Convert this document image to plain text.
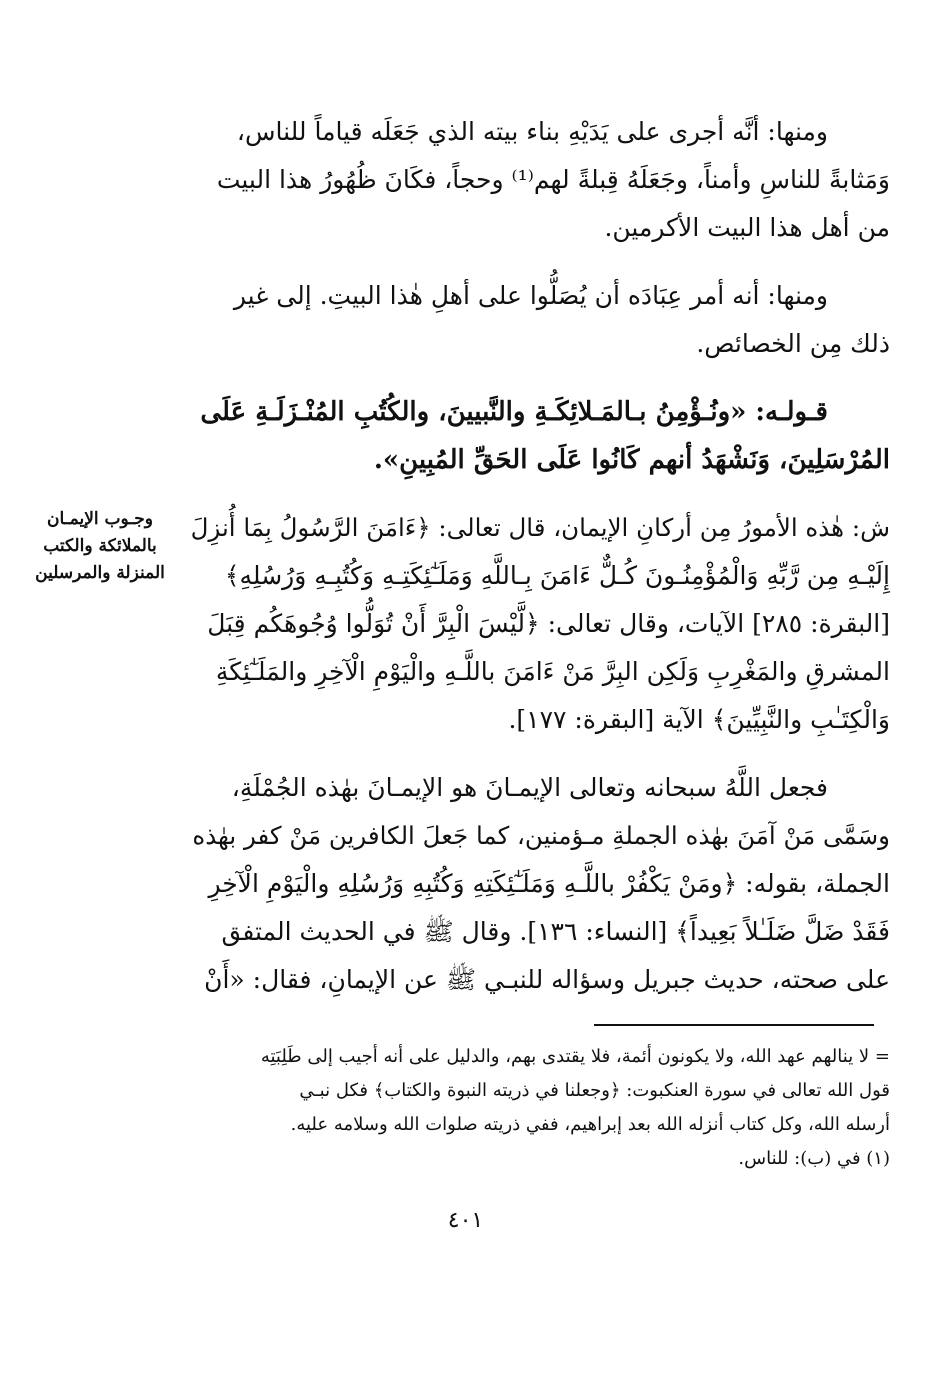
ومنها: أنَّه أجرى على يَدَيْهِ بناء بيته الذي جَعَلَه قياماً للناس،
وَمَثابةً للناسِ وأمناً، وجَعَلَهُ قِبلةً لهم⁽¹⁾ وحجاً، فكَانَ ظُهُورُ هذا البيت
من أهل هذا البيت الأكرمين.

ومنها: أنه أمر عِبَادَه أن يُصَلُّوا على أهلِ هٰذا البيتِ. إلى غير
ذلك مِن الخصائص.

قـولـه: «ونُـؤْمِنُ بـالمَـلائِكَـةِ والنَّبيينَ، والكُتُبِ المُنْـزَلَـةِ عَلَى
المُرْسَلِينَ، وَنَشْهَدُ أنهم كَانُوا عَلَى الحَقِّ المُبِينِ».

ش: هٰذه الأمورُ مِن أركانِ الإيمان، قال تعالى: ﴿ءَامَنَ الرَّسُولُ بِمَا أُنزِلَ
إِلَيْـهِ مِن رَّبِّهِ وَالْمُؤْمِنُـونَ كُـلٌّ ءَامَنَ بِـاللَّهِ وَمَلَـٰٓئِكَتِـهِ وَكُتُبِـهِ وَرُسُلِهِ﴾
[البقرة: ٢٨٥] الآيات، وقال تعالى: ﴿لَّيْسَ الْبِرَّ أَنْ تُوَلُّوا وُجُوهَكُم قِبَلَ
المشرقِ والمَغْرِبِ وَلَكِن البِرَّ مَنْ ءَامَنَ باللَّـهِ والْيَوْمِ الْآخِرِ والمَلَـٰٓئِكَةِ
وَالْكِتَـٰبِ والنَّبِيِّينَ﴾ الآية [البقرة: ١٧٧].

فجعل اللَّهُ سبحانه وتعالى الإيمـانَ هو الإيمـانَ بهٰذه الجُمْلَةِ،
وسَمَّى مَنْ آمَنَ بهٰذه الجملةِ مـؤمنين، كما جَعلَ الكافرين مَنْ كفر بهٰذه
الجملة، بقوله: ﴿ومَنْ يَكْفُرْ باللَّـهِ وَمَلَـٰٓئِكَتِهِ وَكُتُبِهِ وَرُسُلِهِ والْيَوْمِ الْآخِرِ
فَقَدْ ضَلَّ ضَلَـٰلاً بَعِيداً﴾ [النساء: ١٣٦]. وقال ﷺ في الحديث المتفق
على صحته، حديث جبريل وسؤاله للنبـي ﷺ عن الإيمانِ، فقال: «أَنْ

وجـوب الإيمـان
بالملائكة والكتب
المنزلة والمرسلين
= لا ينالهم عهد الله، ولا يكونون أئمة، فلا يقتدى بهم، والدليل على أنه أجيب إلى طَلِبَتِه
قول الله تعالى في سورة العنكبوت: ﴿وجعلنا في ذريته النبوة والكتاب﴾ فكل نبـي
أرسله الله، وكل كتاب أنزله الله بعد إبراهيم، ففي ذريته صلوات الله وسلامه عليه.
(١) في (ب): للناس.
٤٠١
